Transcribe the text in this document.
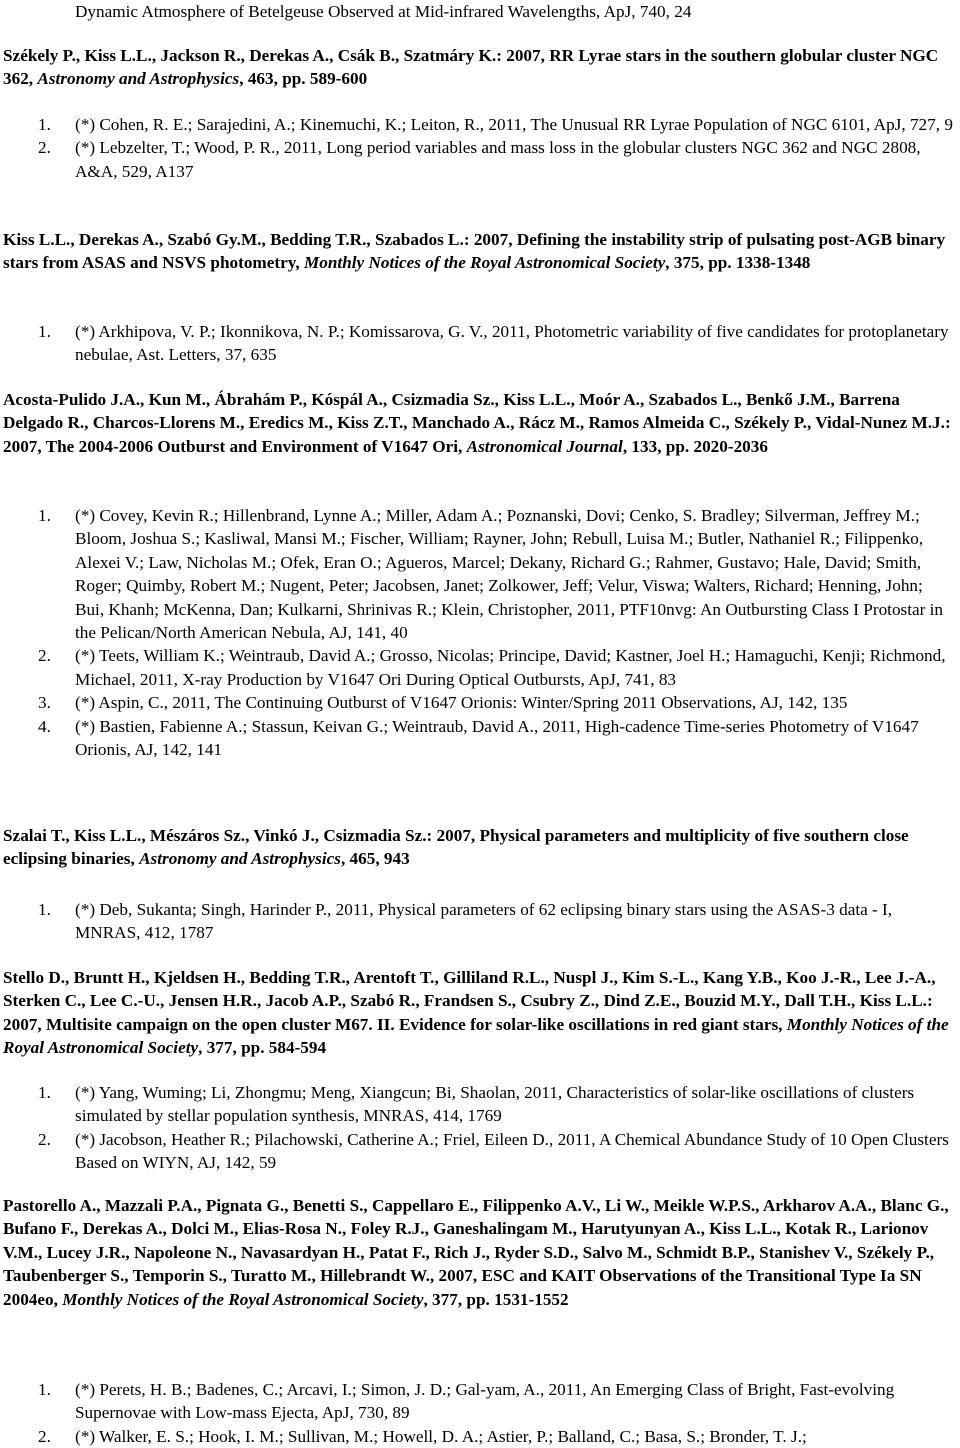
Dynamic Atmosphere of Betelgeuse Observed at Mid-infrared Wavelengths, ApJ, 740, 24
Székely P., Kiss L.L., Jackson R., Derekas A., Csák B., Szatmáry K.: 2007, RR Lyrae stars in the southern globular cluster NGC 362, Astronomy and Astrophysics, 463, pp. 589-600
1. (*) Cohen, R. E.; Sarajedini, A.; Kinemuchi, K.; Leiton, R., 2011, The Unusual RR Lyrae Population of NGC 6101, ApJ, 727, 9
2. (*) Lebzelter, T.; Wood, P. R., 2011, Long period variables and mass loss in the globular clusters NGC 362 and NGC 2808, A&A, 529, A137
Kiss L.L., Derekas A., Szabó Gy.M., Bedding T.R., Szabados L.: 2007, Defining the instability strip of pulsating post-AGB binary stars from ASAS and NSVS photometry, Monthly Notices of the Royal Astronomical Society, 375, pp. 1338-1348
1. (*) Arkhipova, V. P.; Ikonnikova, N. P.; Komissarova, G. V., 2011, Photometric variability of five candidates for protoplanetary nebulae, Ast. Letters, 37, 635
Acosta-Pulido J.A., Kun M., Ábrahám P., Kóspál A., Csizmadia Sz., Kiss L.L., Moór A., Szabados L., Benkő J.M., Barrena Delgado R., Charcos-Llorens M., Eredics M., Kiss Z.T., Manchado A., Rácz M., Ramos Almeida C., Székely P., Vidal-Nunez M.J.: 2007, The 2004-2006 Outburst and Environment of V1647 Ori, Astronomical Journal, 133, pp. 2020-2036
1. (*) Covey, Kevin R.; Hillenbrand, Lynne A.; Miller, Adam A.; Poznanski, Dovi; Cenko, S. Bradley; Silverman, Jeffrey M.; Bloom, Joshua S.; Kasliwal, Mansi M.; Fischer, William; Rayner, John; Rebull, Luisa M.; Butler, Nathaniel R.; Filippenko, Alexei V.; Law, Nicholas M.; Ofek, Eran O.; Agueros, Marcel; Dekany, Richard G.; Rahmer, Gustavo; Hale, David; Smith, Roger; Quimby, Robert M.; Nugent, Peter; Jacobsen, Janet; Zolkower, Jeff; Velur, Viswa; Walters, Richard; Henning, John; Bui, Khanh; McKenna, Dan; Kulkarni, Shrinivas R.; Klein, Christopher, 2011, PTF10nvg: An Outbursting Class I Protostar in the Pelican/North American Nebula, AJ, 141, 40
2. (*) Teets, William K.; Weintraub, David A.; Grosso, Nicolas; Principe, David; Kastner, Joel H.; Hamaguchi, Kenji; Richmond, Michael, 2011, X-ray Production by V1647 Ori During Optical Outbursts, ApJ, 741, 83
3. (*) Aspin, C., 2011, The Continuing Outburst of V1647 Orionis: Winter/Spring 2011 Observations, AJ, 142, 135
4. (*) Bastien, Fabienne A.; Stassun, Keivan G.; Weintraub, David A., 2011, High-cadence Time-series Photometry of V1647 Orionis, AJ, 142, 141
Szalai T., Kiss L.L., Mészáros Sz., Vinkó J., Csizmadia Sz.: 2007, Physical parameters and multiplicity of five southern close eclipsing binaries, Astronomy and Astrophysics, 465, 943
1. (*) Deb, Sukanta; Singh, Harinder P., 2011, Physical parameters of 62 eclipsing binary stars using the ASAS-3 data - I, MNRAS, 412, 1787
Stello D., Bruntt H., Kjeldsen H., Bedding T.R., Arentoft T., Gilliland R.L., Nuspl J., Kim S.-L., Kang Y.B., Koo J.-R., Lee J.-A., Sterken C., Lee C.-U., Jensen H.R., Jacob A.P., Szabó R., Frandsen S., Csubry Z., Dind Z.E., Bouzid M.Y., Dall T.H., Kiss L.L.: 2007, Multisite campaign on the open cluster M67. II. Evidence for solar-like oscillations in red giant stars, Monthly Notices of the Royal Astronomical Society, 377, pp. 584-594
1. (*) Yang, Wuming; Li, Zhongmu; Meng, Xiangcun; Bi, Shaolan, 2011, Characteristics of solar-like oscillations of clusters simulated by stellar population synthesis, MNRAS, 414, 1769
2. (*) Jacobson, Heather R.; Pilachowski, Catherine A.; Friel, Eileen D., 2011, A Chemical Abundance Study of 10 Open Clusters Based on WIYN, AJ, 142, 59
Pastorello A., Mazzali P.A., Pignata G., Benetti S., Cappellaro E., Filippenko A.V., Li W., Meikle W.P.S., Arkharov A.A., Blanc G., Bufano F., Derekas A., Dolci M., Elias-Rosa N., Foley R.J., Ganeshalingam M., Harutyunyan A., Kiss L.L., Kotak R., Larionov V.M., Lucey J.R., Napoleone N., Navasardyan H., Patat F., Rich J., Ryder S.D., Salvo M., Schmidt B.P., Stanishev V., Székely P., Taubenberger S., Temporin S., Turatto M., Hillebrandt W., 2007, ESC and KAIT Observations of the Transitional Type Ia SN 2004eo, Monthly Notices of the Royal Astronomical Society, 377, pp. 1531-1552
1. (*) Perets, H. B.; Badenes, C.; Arcavi, I.; Simon, J. D.; Gal-yam, A., 2011, An Emerging Class of Bright, Fast-evolving Supernovae with Low-mass Ejecta, ApJ, 730, 89
2. (*) Walker, E. S.; Hook, I. M.; Sullivan, M.; Howell, D. A.; Astier, P.; Balland, C.; Basa, S.; Bronder, T. J.;
